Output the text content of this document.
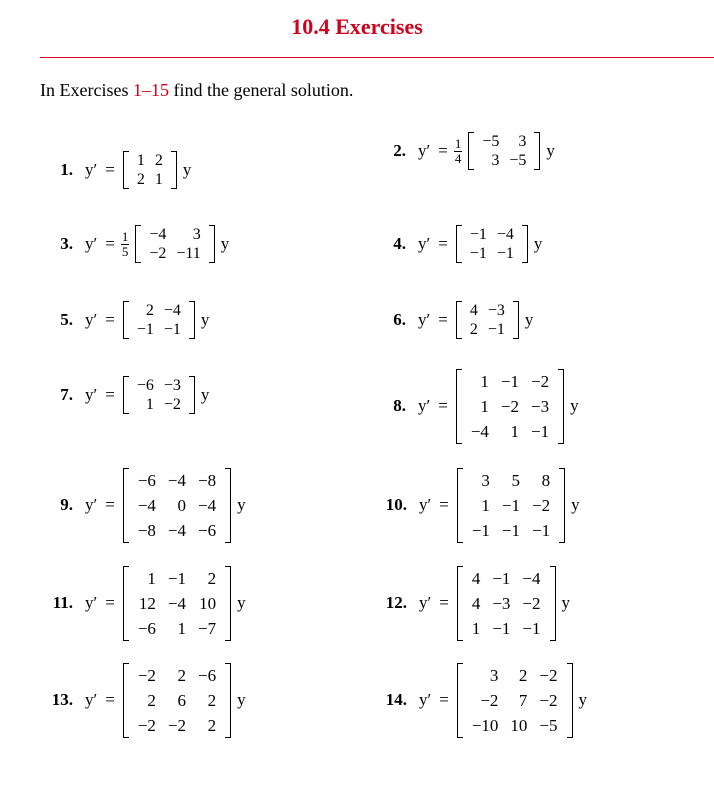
10.4 Exercises
In Exercises 1–15 find the general solution.
1. y′ = 1	2
2	1
y
2. $y' = \frac{1}{4} -5$	3
3	−5
y
3. $y' = \frac{1}{5} -4$	3
−2	−11
y	4. y′ = −1	−4
−1	−1
y
5. y′ = 2	−4
−1	−1
y	6. y′ = 4	−3
2	−1
y
7. y′ = −6	−3
1	−2
y
8. y′ =
1	−1	−2
1	−2	−3
−4	1	−1
y
9. y′ =
−6	−4	−8
−4	0	−4
−8	−4	−6
y	10. y′ =
3	5	8
1	−1	−2
−1	−1	−1
y
11. y′ =
1	−1	2
12	−4	10
−6	1	−7
y	12. y′ =
4	−1	−4
4	−3	−2
1	−1	−1
y
13. y′ =
−2	2	−6
2	6	2
−2	−2	2
y	14. y′ =
3	2	−2
−2	7	−2
−10	10	−5
y
